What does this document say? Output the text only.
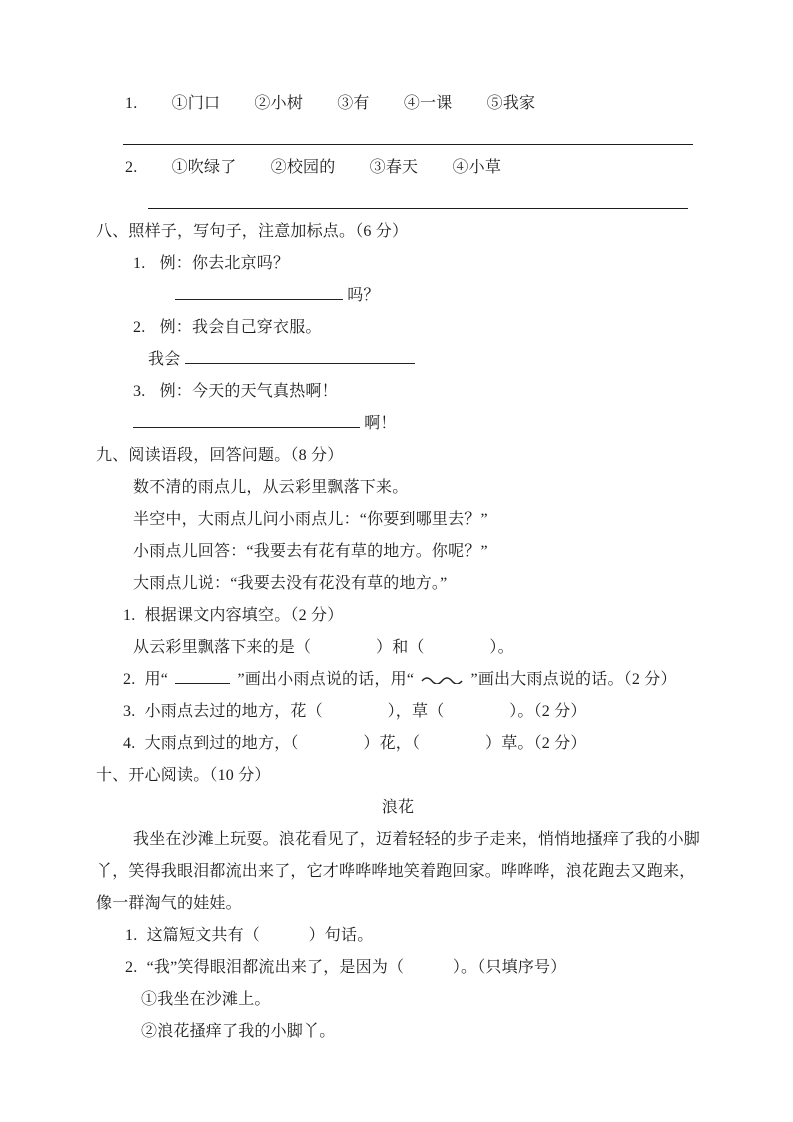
1. ①门口 ②小树 ③有 ④一课 ⑤我家
2. ①吹绿了 ②校园的 ③春天 ④小草
八、照样子，写句子，注意加标点。（6 分）
1. 例：你去北京吗？
吗？
2. 例：我会自己穿衣服。
我会
3. 例：今天的天气真热啊！
啊！
九、阅读语段，回答问题。（8 分）
数不清的雨点儿，从云彩里飘落下来。
半空中，大雨点儿问小雨点儿：“你要到哪里去？”
小雨点儿回答：“我要去有花有草的地方。你呢？”
大雨点儿说：“我要去没有花没有草的地方。”
1. 根据课文内容填空。（2 分）
从云彩里飘落下来的是（　　　　）和（　　　　）。
2. 用“	”画出小雨点说的话，用“	”画出大雨点说的话。（2 分）
3. 小雨点去过的地方，花（　　　　），草（　　　　）。（2 分）
4. 大雨点到过的地方，（　　　　）花，（　　　　）草。（2 分）
十、开心阅读。（10 分）
浪花
我坐在沙滩上玩耍。浪花看见了，迈着轻轻的步子走来，悄悄地搔痒了我的小脚
丫，笑得我眼泪都流出来了，它才哗哗哗地笑着跑回家。哗哗哗，浪花跑去又跑来，
像一群淘气的娃娃。
1. 这篇短文共有（　　　）句话。
2. “我”笑得眼泪都流出来了，是因为（　　　）。（只填序号）
①我坐在沙滩上。
②浪花搔痒了我的小脚丫。
